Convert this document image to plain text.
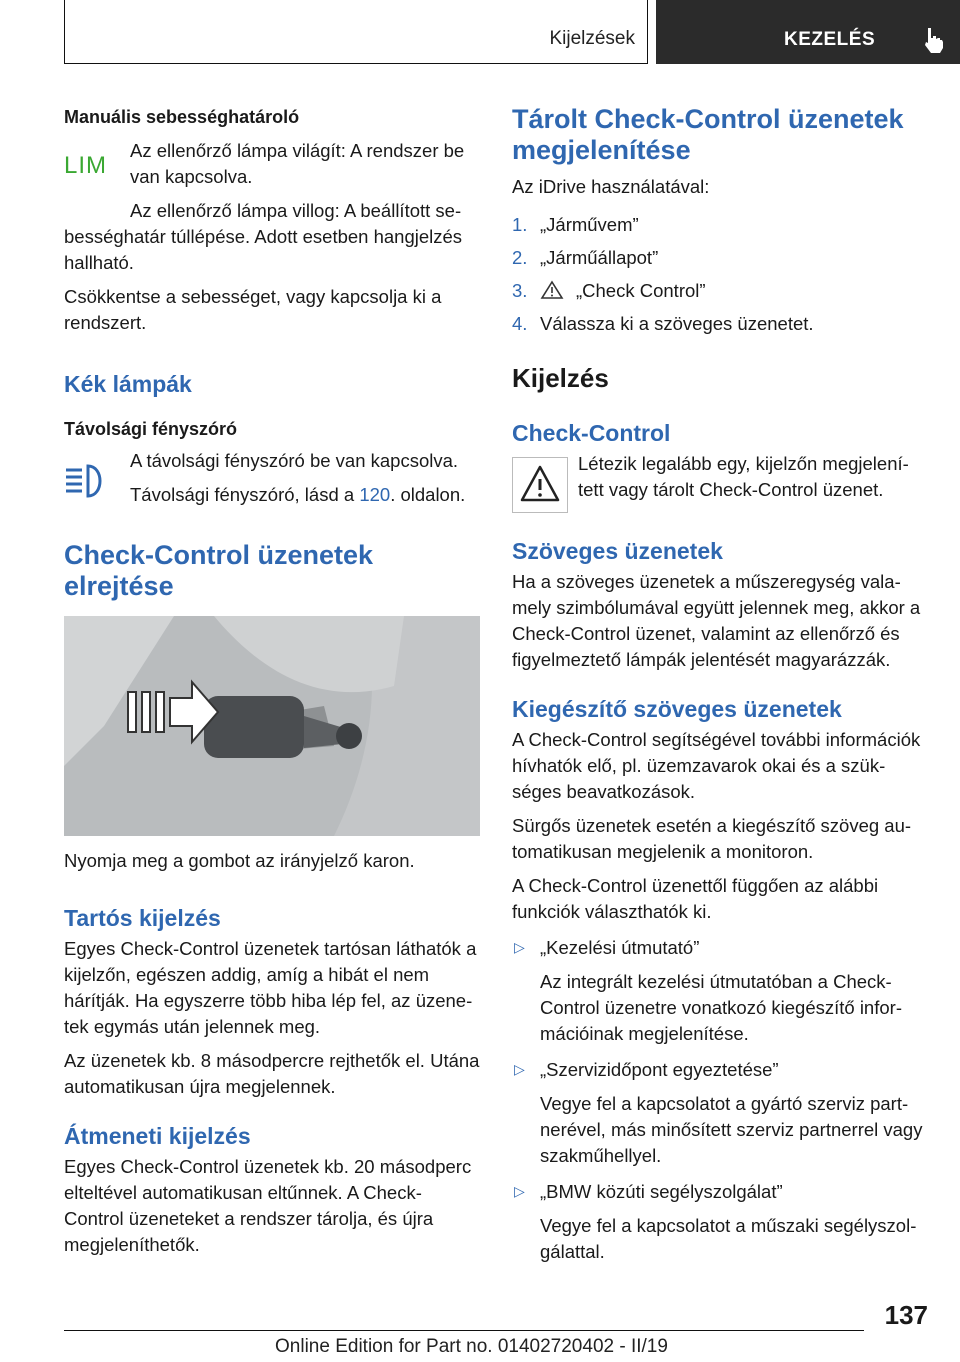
Kijelzések	KEZELÉS

Manuális sebességhatároló

LIM

Az ellenőrző lámpa világít: A rendszer be van kapcsolva.

Az ellenőrző lámpa villog: A beállított sebességhatár túllépése. Adott esetben hangjelzés hallható.

Csökkentse a sebességet, vagy kapcsolja ki a rendszert.

Kék lámpák

Távolsági fényszóró

A távolsági fényszóró be van kapcsolva.

Távolsági fényszóró, lásd a 120. oldalon.

Check-Control üzenetek

elrejtése

Nyomja meg a gombot az irányjelző karon.

Tartós kijelzés

Egyes Check-Control üzenetek tartósan láthatók a kijelzőn, egészen addig, amíg a hibát el nem hárítják. Ha egyszerre több hiba lép fel, az üzenetek egymás után jelennek meg.

Az üzenetek kb. 8 másodpercre rejthetők el. Utána automatikusan újra megjelennek.

Átmeneti kijelzés

Egyes Check-Control üzenetek kb. 20 másodperc elteltével automatikusan eltűnnek. A Check-Control üzeneteket a rendszer tárolja, és újra megjeleníthetők.

Tárolt Check-Control üzenetek

megjelenítése

Az iDrive használatával:

1. „Járművem”
2. „Járműállapot”
3.	„Check Control”
4. Válassza ki a szöveges üzenetet.

Kijelzés

Check-Control

Létezik legalább egy, kijelzőn megjelenített vagy tárolt Check-Control üzenet.

Szöveges üzenetek

Ha a szöveges üzenetek a műszeregység valamely szimbólumával együtt jelennek meg, akkor a Check-Control üzenet, valamint az ellenőrző és figyelmeztető lámpák jelentését magyarázzák.

Kiegészítő szöveges üzenetek

A Check-Control segítségével további információk hívhatók elő, pl. üzemzavarok okai és a szükséges beavatkozások.

Sürgős üzenetek esetén a kiegészítő szöveg automatikusan megjelenik a monitoron.

A Check-Control üzenettől függően az alábbi funkciók választhatók ki.

▷ „Kezelési útmutató”

Az integrált kezelési útmutatóban a Check-Control üzenetre vonatkozó kiegészítő információinak megjelenítése.

▷ „Szervizidőpont egyeztetése”

Vegye fel a kapcsolatot a gyártó szerviz partnerével, más minősített szerviz partnerrel vagy szakműhellyel.

▷ „BMW közúti segélyszolgálat”

Vegye fel a kapcsolatot a műszaki segélyszolgálattal.

137
Online Edition for Part no. 01402720402 - II/19
